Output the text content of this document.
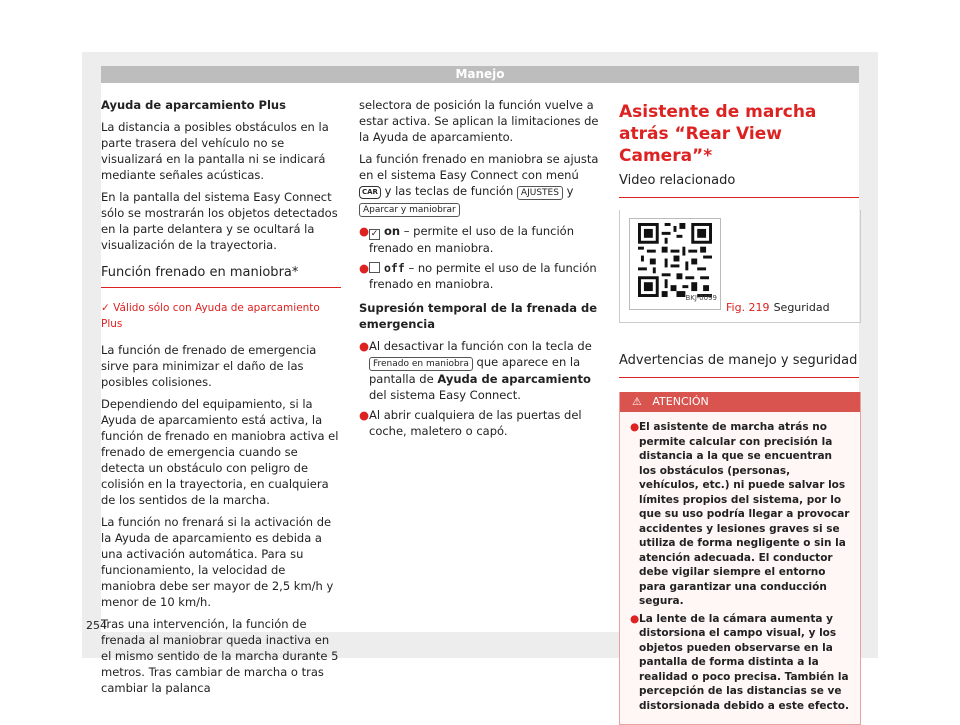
Manejo

Ayuda de aparcamiento Plus

La distancia a posibles obstáculos en la parte trasera del vehículo no se visualizará en la pantalla ni se indicará mediante señales acústicas.

En la pantalla del sistema Easy Connect sólo se mostrarán los objetos detectados en la parte delantera y se ocultará la visualización de la trayectoria.

Función frenado en maniobra*
✓ Válido sólo con Ayuda de aparcamiento Plus

La función de frenado de emergencia sirve para minimizar el daño de las posibles colisiones.

Dependiendo del equipamiento, si la Ayuda de aparcamiento está activa, la función de frenado en maniobra activa el frenado de emergencia cuando se detecta un obstáculo con peligro de colisión en la trayectoria, en cualquiera de los sentidos de la marcha.

La función no frenará si la activación de la Ayuda de aparcamiento es debida a una activación automática. Para su funcionamiento, la velocidad de maniobra debe ser mayor de 2,5 km/h y menor de 10 km/h.

Tras una intervención, la función de frenada al maniobrar queda inactiva en el mismo sentido de la marcha durante 5 metros. Tras cambiar de marcha o tras cambiar la palanca

selectora de posición la función vuelve a estar activa. Se aplican la limitaciones de la Ayuda de aparcamiento.

La función frenado en maniobra se ajusta en el sistema Easy Connect con menú CAR y las teclas de función AJUSTES y Aparcar y maniobrar

● ✓ on – permite el uso de la función frenado en maniobra.
● off – no permite el uso de la función frenado en maniobra.

Supresión temporal de la frenada de emergencia

● Al desactivar la función con la tecla de Frenado en maniobra que aparece en la pantalla de Ayuda de aparcamiento del sistema Easy Connect.
● Al abrir cualquiera de las puertas del coche, maletero o capó.
Asistente de marcha atrás “Rear View Camera”*
Video relacionado
BKJ-0099
Fig. 219 Seguridad
Advertencias de manejo y seguridad
⚠ ATENCIÓN
● El asistente de marcha atrás no permite calcular con precisión la distancia a la que se encuentran los obstáculos (personas, vehículos, etc.) ni puede salvar los límites propios del sistema, por lo que su uso podría llegar a provocar accidentes y lesiones graves si se utiliza de forma negligente o sin la atención adecuada. El conductor debe vigilar siempre el entorno para garantizar una conducción segura.
● La lente de la cámara aumenta y distorsiona el campo visual, y los objetos pueden observarse en la pantalla de forma distinta a la realidad o poco precisa. También la percepción de las distancias se ve distorsionada debido a este efecto.
254
